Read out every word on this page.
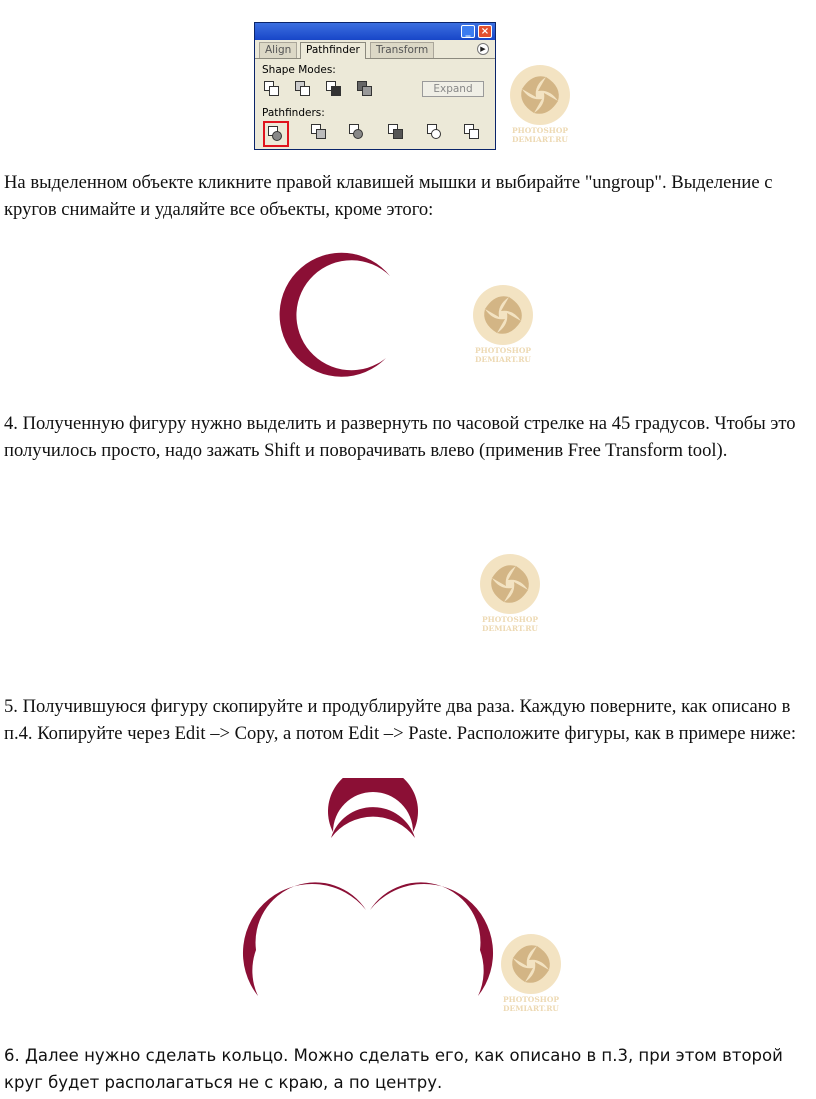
_	×
Align	Pathfinder	Transform	▶
Shape Modes:
Expand
Pathfinders:
PHOTOSHOP
DEMIART.RU

На выделенном объекте кликните правой клавишей мышки и выбирайте "ungroup". Выделение с кругов снимайте и удаляйте все объекты, кроме этого:

PHOTOSHOP
DEMIART.RU

4. Полученную фигуру нужно выделить и развернуть по часовой стрелке на 45 градусов. Чтобы это получилось просто, надо зажать Shift и поворачивать влево (применив Free Transform tool).

PHOTOSHOP
DEMIART.RU

5. Получившуюся фигуру скопируйте и продублируйте два раза. Каждую поверните, как описано в п.4. Копируйте через Edit –> Copy, а потом Edit –> Paste. Расположите фигуры, как в примере ниже:

PHOTOSHOP
DEMIART.RU

6. Далее нужно сделать кольцо. Можно сделать его, как описано в п.3, при этом второй круг будет располагаться не с краю, а по центру.
